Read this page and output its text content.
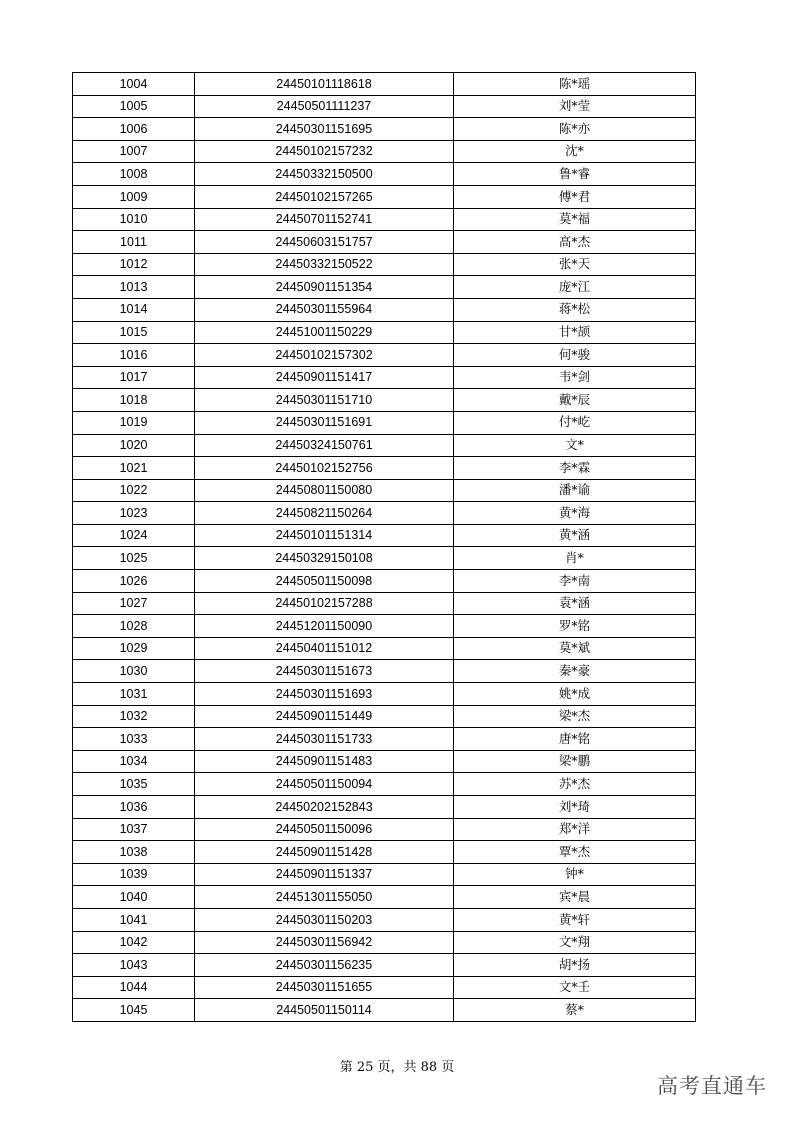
1004	24450101118618	陈*瑶
1005	24450501111237	刘*莹
1006	24450301151695	陈*亦
1007	24450102157232	沈*
1008	24450332150500	鲁*睿
1009	24450102157265	傅*君
1010	24450701152741	莫*福
1011	24450603151757	高*杰
1012	24450332150522	张*天
1013	24450901151354	庞*江
1014	24450301155964	蒋*松
1015	24451001150229	甘*颉
1016	24450102157302	何*骏
1017	24450901151417	韦*剑
1018	24450301151710	戴*辰
1019	24450301151691	付*屹
1020	24450324150761	文*
1021	24450102152756	李*霖
1022	24450801150080	潘*谕
1023	24450821150264	黄*海
1024	24450101151314	黄*涵
1025	24450329150108	肖*
1026	24450501150098	李*南
1027	24450102157288	袁*涵
1028	24451201150090	罗*铭
1029	24450401151012	莫*斌
1030	24450301151673	秦*豪
1031	24450301151693	姚*成
1032	24450901151449	梁*杰
1033	24450301151733	唐*铭
1034	24450901151483	梁*鹏
1035	24450501150094	苏*杰
1036	24450202152843	刘*琦
1037	24450501150096	郑*洋
1038	24450901151428	覃*杰
1039	24450901151337	钟*
1040	24451301155050	宾*晨
1041	24450301150203	黄*轩
1042	24450301156942	文*翔
1043	24450301156235	胡*扬
1044	24450301151655	文*壬
1045	24450501150114	蔡*
第 25 页，共 88 页
高考直通车
